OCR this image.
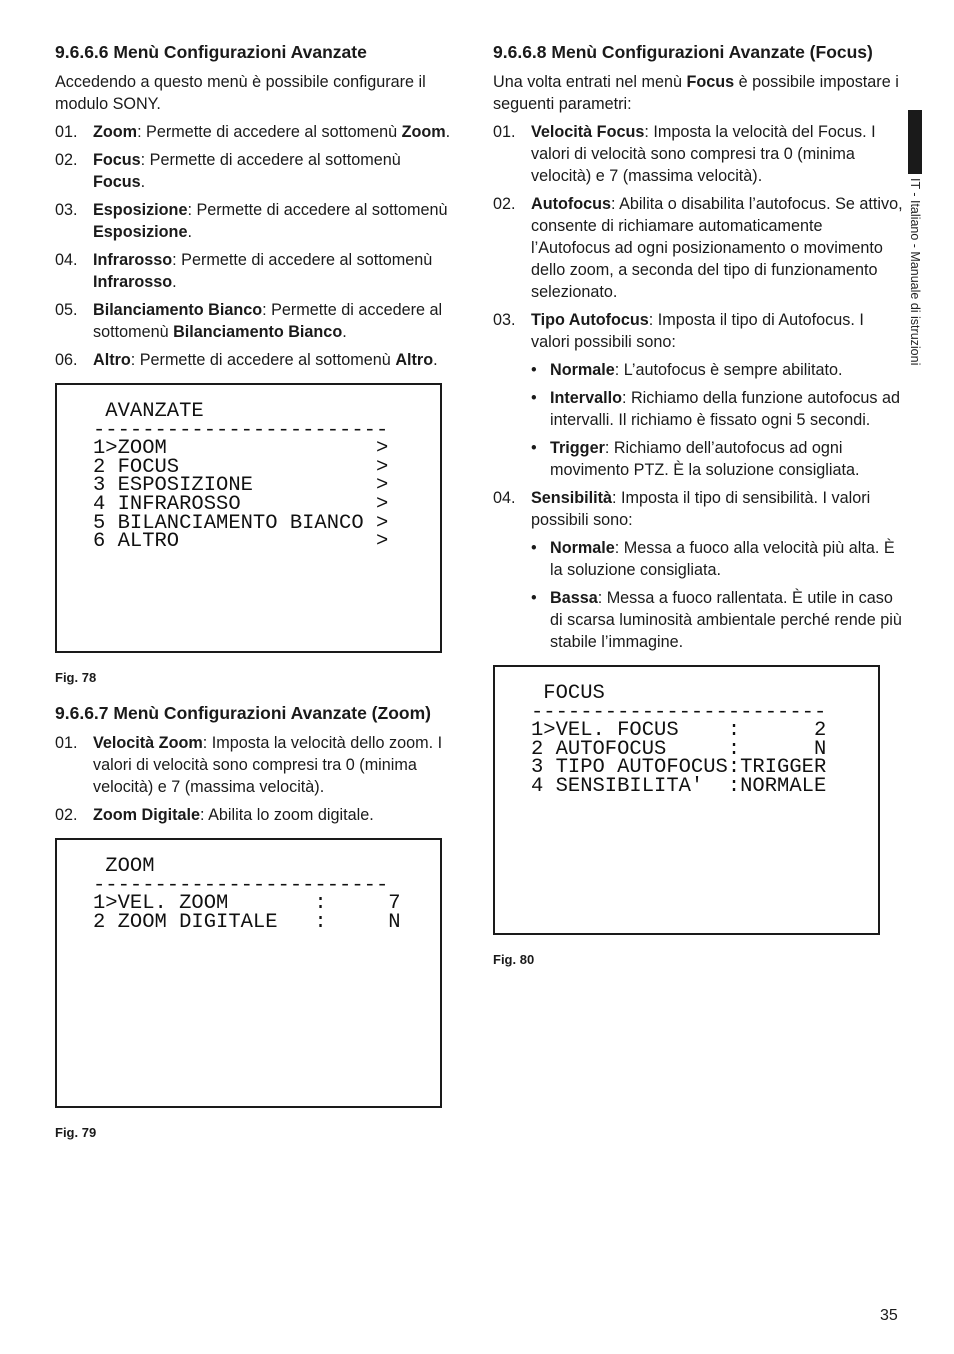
9.6.6.6 Menù Configurazioni Avanzate

Accedendo a questo menù è possibile configurare il modulo SONY.

01. Zoom: Permette di accedere al sottomenù Zoom.
02. Focus: Permette di accedere al sottomenù Focus.
03. Esposizione: Permette di accedere al sottomenù Esposizione.
04. Infrarosso: Permette di accedere al sottomenù Infrarosso.
05. Bilanciamento Bianco: Permette di accedere al sottomenù Bilanciamento Bianco.
06. Altro: Permette di accedere al sottomenù Altro.
AVANZATE
------------------------
1>ZOOM                 >
2 FOCUS                >
3 ESPOSIZIONE          >
4 INFRAROSSO           >
5 BILANCIAMENTO BIANCO >
6 ALTRO                >
Fig. 78
9.6.6.7 Menù Configurazioni Avanzate (Zoom)
01. Velocità Zoom: Imposta la velocità dello zoom. I valori di velocità sono compresi tra 0 (minima velocità) e 7 (massima velocità).
02. Zoom Digitale: Abilita lo zoom digitale.
ZOOM
------------------------
1>VEL. ZOOM       :     7
2 ZOOM DIGITALE   :     N
Fig. 79
9.6.6.8 Menù Configurazioni Avanzate (Focus)

Una volta entrati nel menù Focus è possibile impostare i seguenti parametri:

01. Velocità Focus: Imposta la velocità del Focus. I valori di velocità sono compresi tra 0 (minima velocità) e 7 (massima velocità).
02. Autofocus: Abilita o disabilita l’autofocus. Se attivo, consente di richiamare automaticamente l’Autofocus ad ogni posizionamento o movimento dello zoom, a seconda del tipo di funzionamento selezionato.
03. Tipo Autofocus: Imposta il tipo di Autofocus. I valori possibili sono:
• Normale: L’autofocus è sempre abilitato.
• Intervallo: Richiamo della funzione autofocus ad intervalli. Il richiamo è fissato ogni 5 secondi.
• Trigger: Richiamo dell’autofocus ad ogni movimento PTZ. È la soluzione consigliata.
04. Sensibilità: Imposta il tipo di sensibilità. I valori possibili sono:
• Normale: Messa a fuoco alla velocità più alta. È la soluzione consigliata.
• Bassa: Messa a fuoco rallentata. È utile in caso di scarsa luminosità ambientale perché rende più stabile l’immagine.
FOCUS
------------------------
1>VEL. FOCUS    :      2
2 AUTOFOCUS     :      N
3 TIPO AUTOFOCUS:TRIGGER
4 SENSIBILITA'  :NORMALE
Fig. 80
IT - Italiano - Manuale di istruzioni
35
